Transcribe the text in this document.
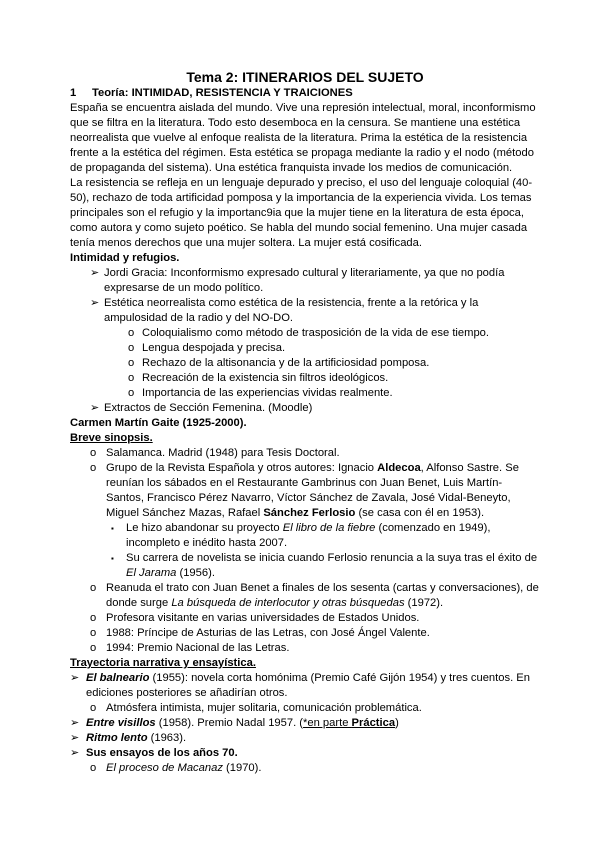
Tema 2: ITINERARIOS DEL SUJETO

1 Teoría: INTIMIDAD, RESISTENCIA Y TRAICIONES

España se encuentra aislada del mundo. Vive una represión intelectual, moral, inconformismo que se filtra en la literatura. Todo esto desemboca en la censura. Se mantiene una estética neorrealista que vuelve al enfoque realista de la literatura. Prima la estética de la resistencia frente a la estética del régimen. Esta estética se propaga mediante la radio y el nodo (método de propaganda del sistema). Una estética franquista invade los medios de comunicación.

La resistencia se refleja en un lenguaje depurado y preciso, el uso del lenguaje coloquial (40-50), rechazo de toda artificidad pomposa y la importancia de la experiencia vivida. Los temas principales son el refugio y la importanc9ia que la mujer tiene en la literatura de esta época, como autora y como sujeto poético. Se habla del mundo social femenino. Una mujer casada tenía menos derechos que una mujer soltera. La mujer está cosificada.

Intimidad y refugios.

➢ Jordi Gracia: Inconformismo expresado cultural y literariamente, ya que no podía expresarse de un modo político.
➢ Estética neorrealista como estética de la resistencia, frente a la retórica y la ampulosidad de la radio y del NO-DO.
o Coloquialismo como método de trasposición de la vida de ese tiempo.
o Lengua despojada y precisa.
o Rechazo de la altisonancia y de la artificiosidad pomposa.
o Recreación de la existencia sin filtros ideológicos.
o Importancia de las experiencias vividas realmente.
➢ Extractos de Sección Femenina. (Moodle)

Carmen Martín Gaite (1925-2000).

Breve sinopsis.

o Salamanca. Madrid (1948) para Tesis Doctoral.
o Grupo de la Revista Española y otros autores: Ignacio Aldecoa, Alfonso Sastre. Se reunían los sábados en el Restaurante Gambrinus con Juan Benet, Luis Martín-Santos, Francisco Pérez Navarro, Víctor Sánchez de Zavala, José Vidal-Beneyto, Miguel Sánchez Mazas, Rafael Sánchez Ferlosio (se casa con él en 1953).
▪ Le hizo abandonar su proyecto El libro de la fiebre (comenzado en 1949), incompleto e inédito hasta 2007.
▪ Su carrera de novelista se inicia cuando Ferlosio renuncia a la suya tras el éxito de El Jarama (1956).
o Reanuda el trato con Juan Benet a finales de los sesenta (cartas y conversaciones), de donde surge La búsqueda de interlocutor y otras búsquedas (1972).
o Profesora visitante en varias universidades de Estados Unidos.
o 1988: Príncipe de Asturias de las Letras, con José Ángel Valente.
o 1994: Premio Nacional de las Letras.

Trayectoria narrativa y ensayística.

➢ El balneario (1955): novela corta homónima (Premio Café Gijón 1954) y tres cuentos. En ediciones posteriores se añadirían otros.
o Atmósfera intimista, mujer solitaria, comunicación problemática.
➢ Entre visillos (1958). Premio Nadal 1957. (*en parte Práctica)
➢ Ritmo lento (1963).
➢ Sus ensayos de los años 70.
o El proceso de Macanaz (1970).
